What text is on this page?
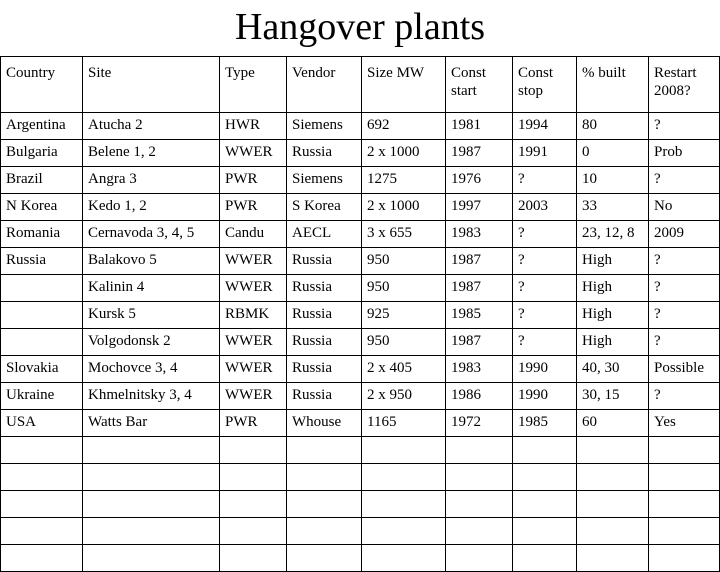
Hangover plants
Country	Site	Type	Vendor	Size MW	Const start	Const stop	% built	Restart 2008?
Argentina	Atucha 2	HWR	Siemens	692	1981	1994	80	?
Bulgaria	Belene 1, 2	WWER	Russia	2 x 1000	1987	1991	0	Prob
Brazil	Angra 3	PWR	Siemens	1275	1976	?	10	?
N Korea	Kedo 1, 2	PWR	S Korea	2 x 1000	1997	2003	33	No
Romania	Cernavoda 3, 4, 5	Candu	AECL	3 x 655	1983	?	23, 12, 8	2009
Russia	Balakovo 5	WWER	Russia	950	1987	?	High	?
	Kalinin 4	WWER	Russia	950	1987	?	High	?
	Kursk 5	RBMK	Russia	925	1985	?	High	?
	Volgodonsk 2	WWER	Russia	950	1987	?	High	?
Slovakia	Mochovce 3, 4	WWER	Russia	2 x 405	1983	1990	40, 30	Possible
Ukraine	Khmelnitsky 3, 4	WWER	Russia	2 x 950	1986	1990	30, 15	?
USA	Watts Bar	PWR	Whouse	1165	1972	1985	60	Yes
